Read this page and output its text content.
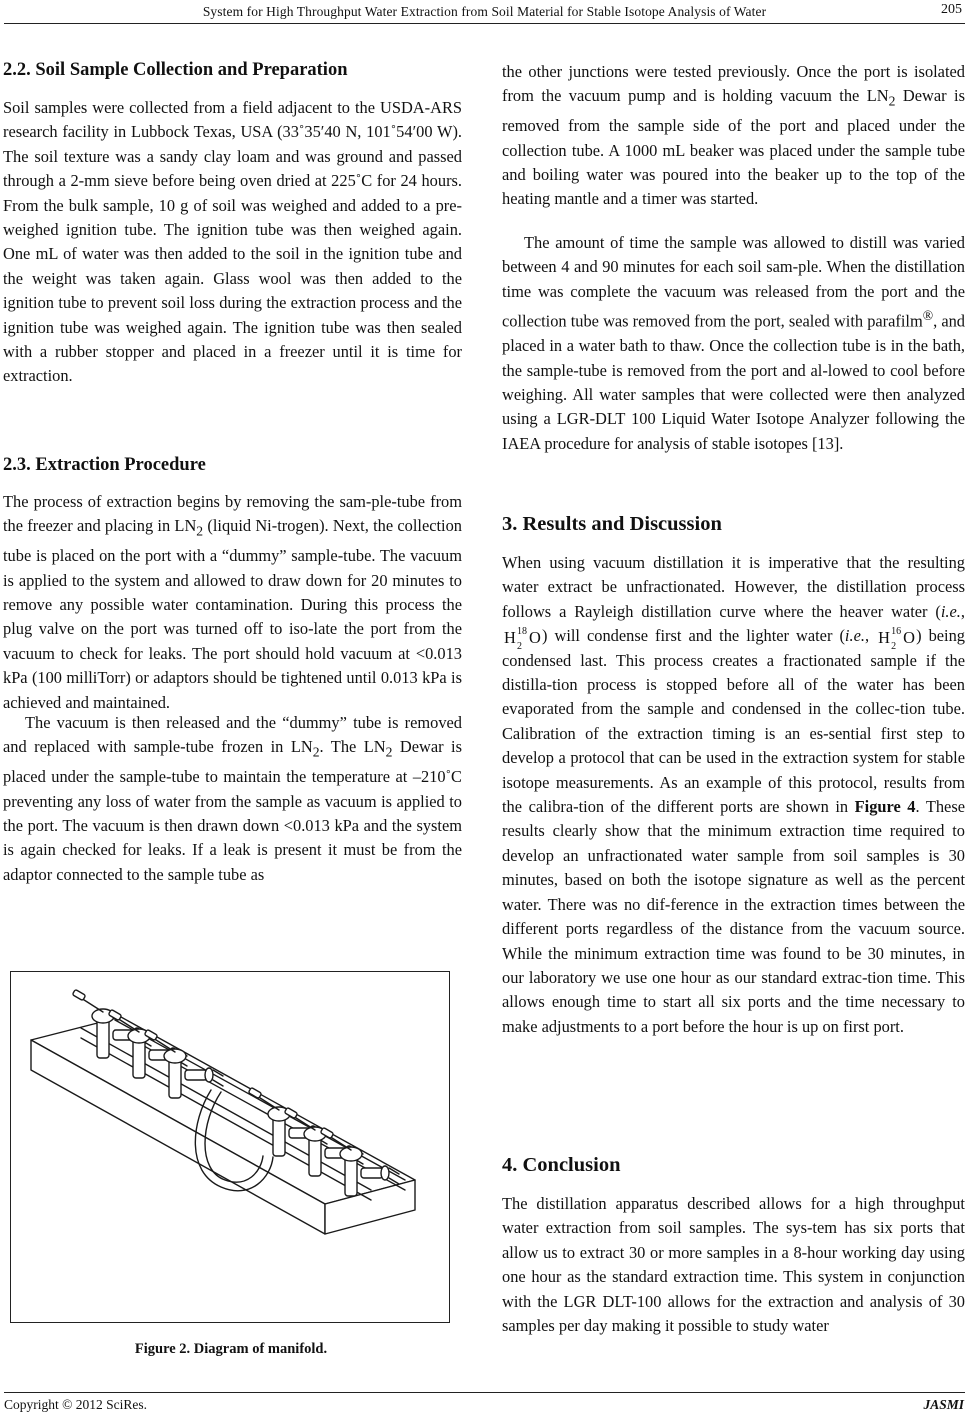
System for High Throughput Water Extraction from Soil Material for Stable Isotope Analysis of Water	205
2.2. Soil Sample Collection and Preparation

Soil samples were collected from a field adjacent to the USDA-ARS research facility in Lubbock Texas, USA (33˚35′40 N, 101˚54′00 W). The soil texture was a sandy clay loam and was ground and passed through a 2-mm sieve before being oven dried at 225˚C for 24 hours. From the bulk sample, 10 g of soil was weighed and added to a pre-weighed ignition tube. The ignition tube was then weighed again. One mL of water was then added to the soil in the ignition tube and the weight was taken again. Glass wool was then added to the ignition tube to prevent soil loss during the extraction process and the ignition tube was weighed again. The ignition tube was then sealed with a rubber stopper and placed in a freezer until it is time for extraction.

2.3. Extraction Procedure

The process of extraction begins by removing the sam-ple-tube from the freezer and placing in $LN_2$ (liquid Ni-trogen). Next, the collection tube is placed on the port with a “dummy” sample-tube. The vacuum is applied to the system and allowed to draw down for 20 minutes to remove any possible water contamination. During this process the plug valve on the port was turned off to iso-late the port from the vacuum to check for leaks. The port should hold vacuum at <0.013 kPa (100 milliTorr) or adaptors should be tightened until 0.013 kPa is achieved and maintained.

The vacuum is then released and the “dummy” tube is removed and replaced with sample-tube frozen in $LN_2$. The $LN_2$ Dewar is placed under the sample-tube to maintain the temperature at –210˚C preventing any loss of water from the sample as vacuum is applied to the port. The vacuum is then drawn down <0.013 kPa and the system is again checked for leaks. If a leak is present it must be from the adaptor connected to the sample tube as

Figure 2. Diagram of manifold.

the other junctions were tested previously. Once the port is isolated from the vacuum pump and is holding vacuum the $LN_2$ Dewar is removed from the sample side of the port and placed under the collection tube. A 1000 mL beaker was placed under the sample tube and boiling water was poured into the beaker up to the top of the heating mantle and a timer was started.

The amount of time the sample was allowed to distill was varied between 4 and 90 minutes for each soil sam-ple. When the distillation time was complete the vacuum was released from the port and the collection tube was removed from the port, sealed with parafilm®, and placed in a water bath to thaw. Once the collection tube is in the bath, the sample-tube is removed from the port and al-lowed to cool before weighing. All water samples that were collected were then analyzed using a LGR-DLT 100 Liquid Water Isotope Analyzer following the IAEA procedure for analysis of stable isotopes [13].

3. Results and Discussion

When using vacuum distillation it is imperative that the resulting water extract be unfractionated. However, the distillation process follows a Rayleigh distillation curve where the heaver water (i.e.,
H 18
2 O ) will condense first and the lighter water (i.e., H 16
2 O ) being condensed last. This process creates a fractionated sample if the distilla-tion process is stopped before all of the water has been evaporated from the sample and condensed in the collec-tion tube. Calibration of the extraction timing is an es-sential first step to develop a protocol that can be used in the extraction system for stable isotope measurements. As an example of this protocol, results from the calibra-tion of the different ports are shown in Figure 4. These results clearly show that the minimum extraction time required to develop an unfractionated water sample from soil samples is 30 minutes, based on both the isotope signature as well as the percent water. There was no dif-ference in the extraction times between the different ports regardless of the distance from the vacuum source. While the minimum extraction time was found to be 30 minutes, in our laboratory we use one hour as our standard extrac-tion time. This allows enough time to start all six ports and the time necessary to make adjustments to a port before the hour is up on first port.

4. Conclusion

The distillation apparatus described allows for a high throughput water extraction from soil samples. The sys-tem has six ports that allow us to extract 30 or more samples in a 8-hour working day using one hour as the standard extraction time. This system in conjunction with the LGR DLT-100 allows for the extraction and analysis of 30 samples per day making it possible to study water

Copyright © 2012 SciRes.	JASMI
